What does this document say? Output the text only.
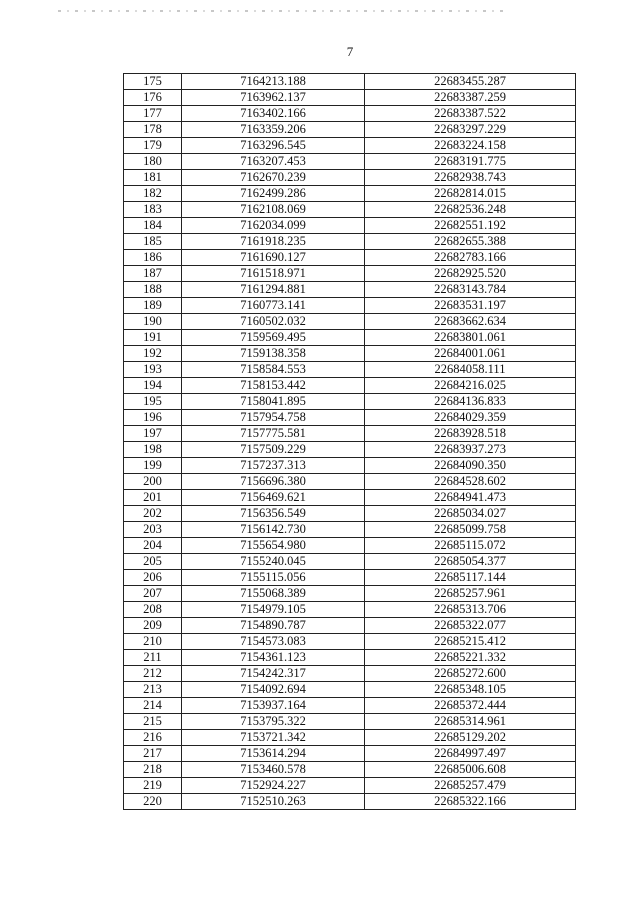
7
175	7164213.188	22683455.287
176	7163962.137	22683387.259
177	7163402.166	22683387.522
178	7163359.206	22683297.229
179	7163296.545	22683224.158
180	7163207.453	22683191.775
181	7162670.239	22682938.743
182	7162499.286	22682814.015
183	7162108.069	22682536.248
184	7162034.099	22682551.192
185	7161918.235	22682655.388
186	7161690.127	22682783.166
187	7161518.971	22682925.520
188	7161294.881	22683143.784
189	7160773.141	22683531.197
190	7160502.032	22683662.634
191	7159569.495	22683801.061
192	7159138.358	22684001.061
193	7158584.553	22684058.111
194	7158153.442	22684216.025
195	7158041.895	22684136.833
196	7157954.758	22684029.359
197	7157775.581	22683928.518
198	7157509.229	22683937.273
199	7157237.313	22684090.350
200	7156696.380	22684528.602
201	7156469.621	22684941.473
202	7156356.549	22685034.027
203	7156142.730	22685099.758
204	7155654.980	22685115.072
205	7155240.045	22685054.377
206	7155115.056	22685117.144
207	7155068.389	22685257.961
208	7154979.105	22685313.706
209	7154890.787	22685322.077
210	7154573.083	22685215.412
211	7154361.123	22685221.332
212	7154242.317	22685272.600
213	7154092.694	22685348.105
214	7153937.164	22685372.444
215	7153795.322	22685314.961
216	7153721.342	22685129.202
217	7153614.294	22684997.497
218	7153460.578	22685006.608
219	7152924.227	22685257.479
220	7152510.263	22685322.166
